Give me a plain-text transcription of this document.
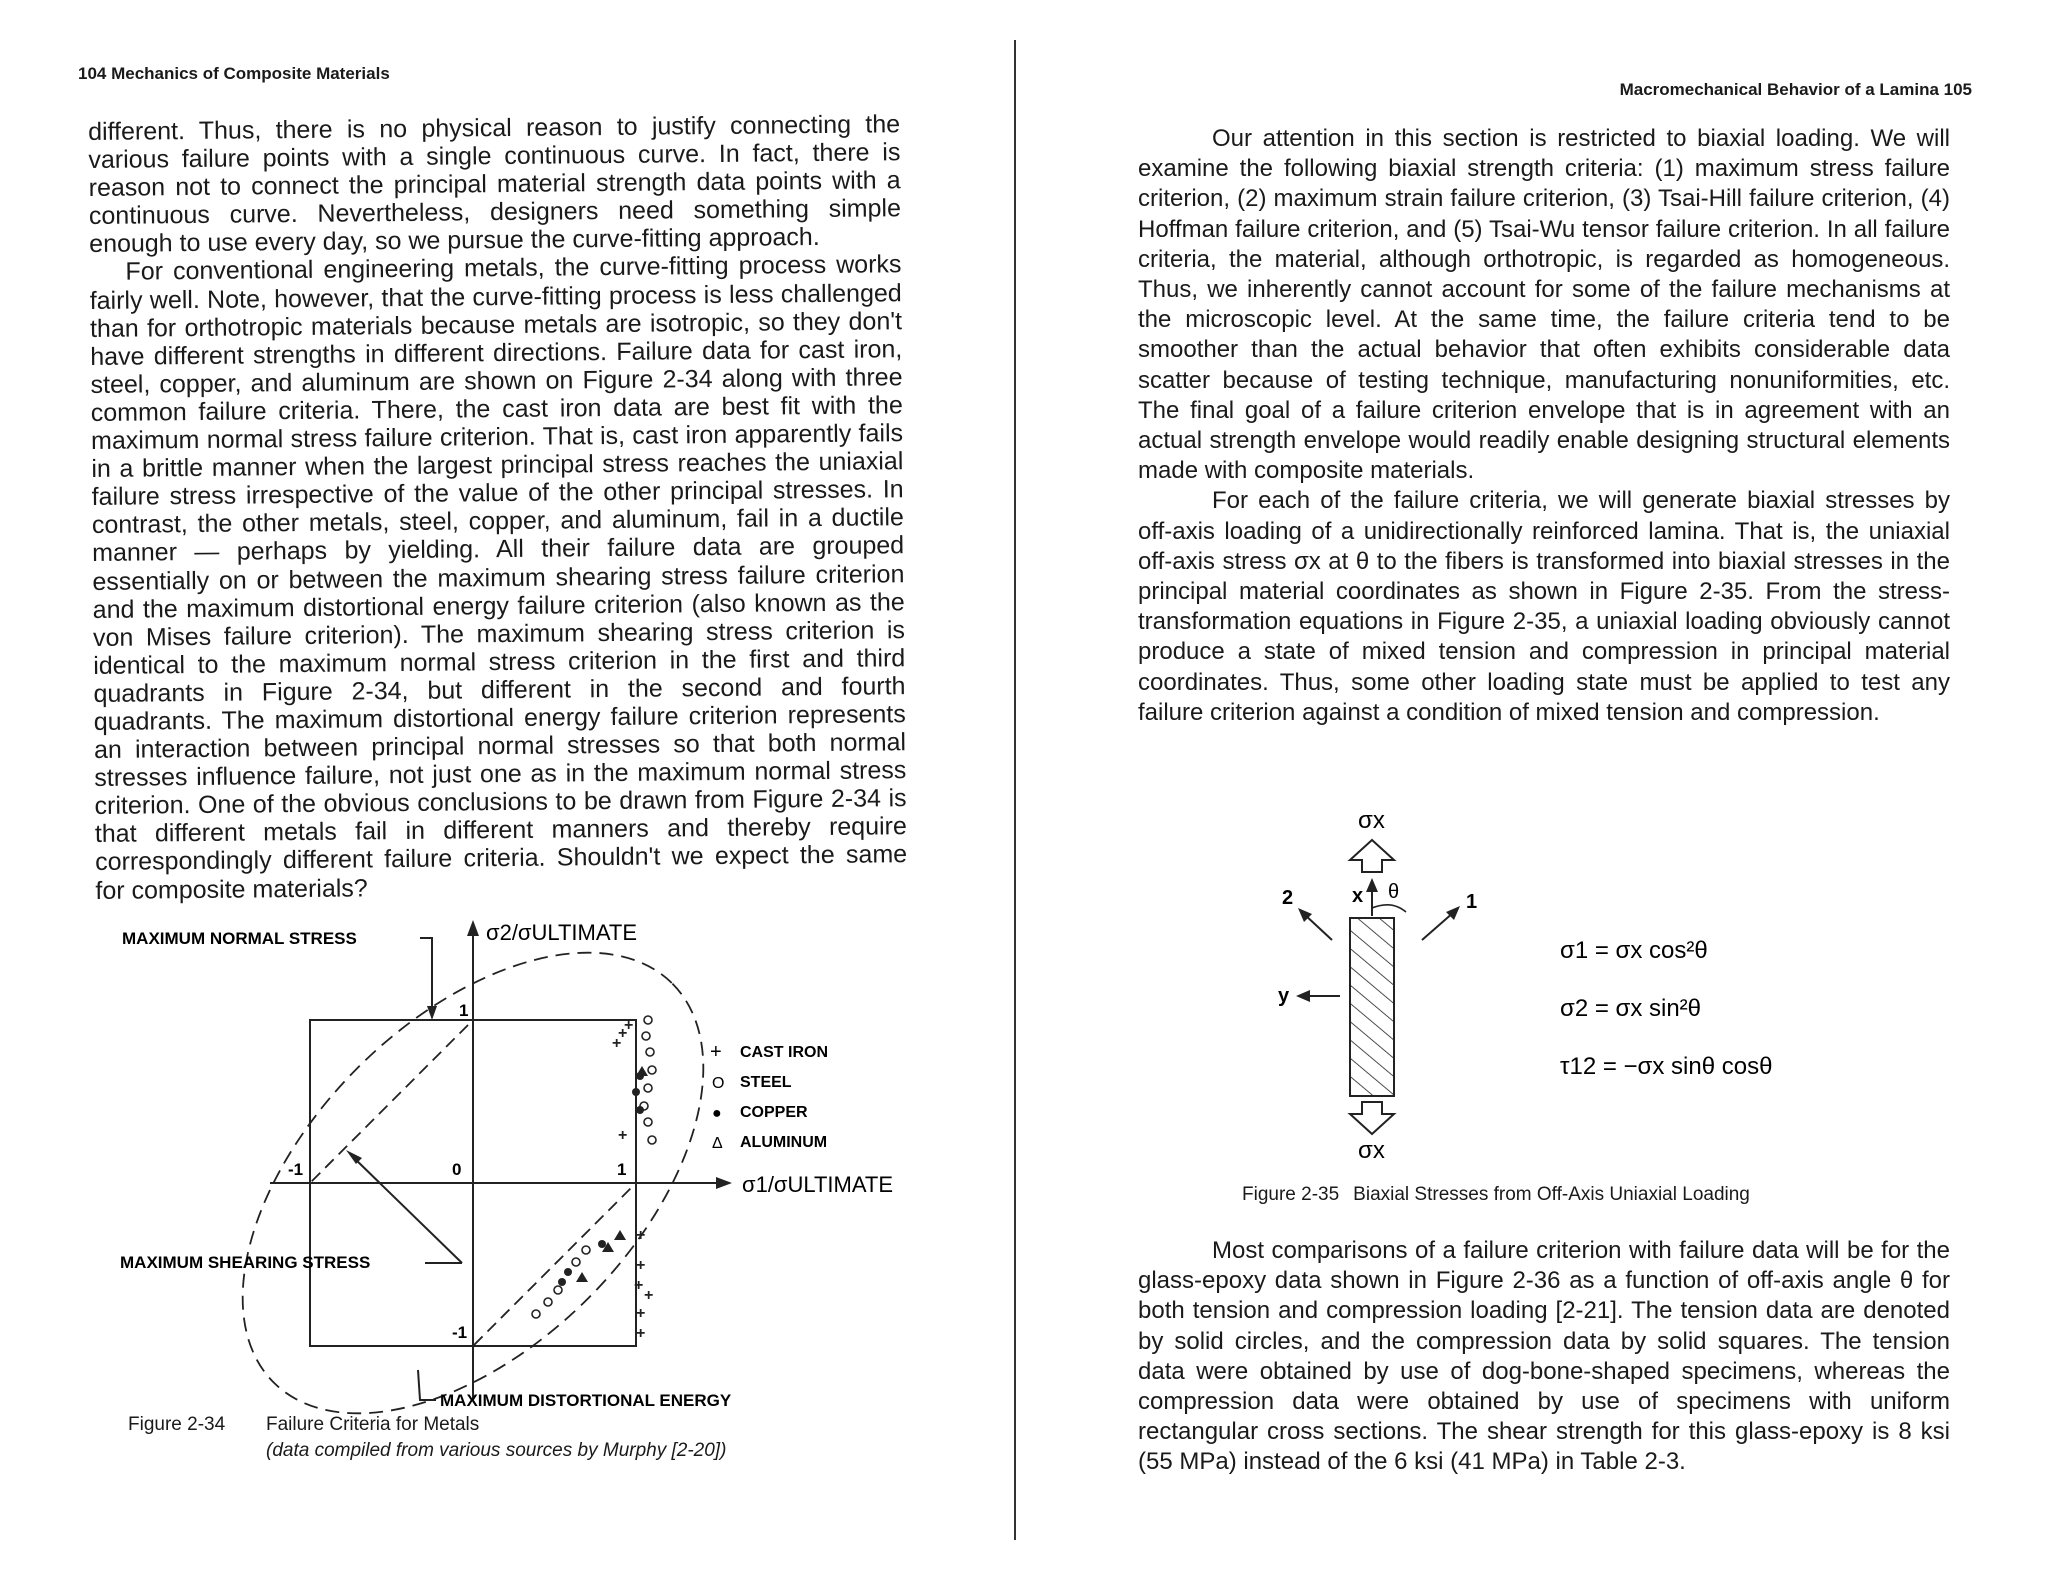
104 Mechanics of Composite Materials

different. Thus, there is no physical reason to justify connecting the various failure points with a single continuous curve. In fact, there is reason not to connect the principal material strength data points with a continuous curve. Nevertheless, designers need something simple enough to use every day, so we pursue the curve-fitting approach.

For conventional engineering metals, the curve-fitting process works fairly well. Note, however, that the curve-fitting process is less challenged than for orthotropic materials because metals are isotropic, so they don't have different strengths in different directions. Failure data for cast iron, steel, copper, and aluminum are shown on Figure 2-34 along with three common failure criteria. There, the cast iron data are best fit with the maximum normal stress failure criterion. That is, cast iron apparently fails in a brittle manner when the largest principal stress reaches the uniaxial failure stress irrespective of the value of the other principal stresses. In contrast, the other metals, steel, copper, and aluminum, fail in a ductile manner — perhaps by yielding. All their failure data are grouped essentially on or between the maximum shearing stress failure criterion and the maximum distortional energy failure criterion (also known as the von Mises failure criterion). The maximum shearing stress criterion is identical to the maximum normal stress criterion in the first and third quadrants in Figure 2-34, but different in the second and fourth quadrants. The maximum distortional energy failure criterion represents an interaction between principal normal stresses so that both normal stresses influence failure, not just one as in the maximum normal stress criterion. One of the obvious conclusions to be drawn from Figure 2-34 is that different metals fail in different manners and thereby require correspondingly different failure criteria. Shouldn't we expect the same for composite materials?

+
+
+
+
+
+
+
+
+
+
1
-1	0	1
-1
σ2/σULTIMATE
σ1/σULTIMATE
MAXIMUM NORMAL STRESS
MAXIMUM SHEARING STRESS
MAXIMUM DISTORTIONAL ENERGY
+ CAST IRON
O STEEL
● COPPER
Δ ALUMINUM
Figure 2-34 Failure Criteria for Metals
(data compiled from various sources by Murphy [2-20])
Macromechanical Behavior of a Lamina 105

Our attention in this section is restricted to biaxial loading. We will examine the following biaxial strength criteria: (1) maximum stress failure criterion, (2) maximum strain failure criterion, (3) Tsai-Hill failure criterion, (4) Hoffman failure criterion, and (5) Tsai-Wu tensor failure criterion. In all failure criteria, the material, although orthotropic, is regarded as homogeneous. Thus, we inherently cannot account for some of the failure mechanisms at the microscopic level. At the same time, the failure criteria tend to be smoother than the actual behavior that often exhibits considerable data scatter because of testing technique, manufacturing nonuniformities, etc. The final goal of a failure criterion envelope that is in agreement with an actual strength envelope would readily enable designing structural elements made with composite materials.

For each of the failure criteria, we will generate biaxial stresses by off-axis loading of a unidirectionally reinforced lamina. That is, the uniaxial off-axis stress σx at θ to the fibers is transformed into biaxial stresses in the principal material coordinates as shown in Figure 2-35. From the stress-transformation equations in Figure 2-35, a uniaxial loading obviously cannot produce a state of mixed tension and compression in principal material coordinates. Thus, some other loading state must be applied to test any failure criterion against a condition of mixed tension and compression.

σx
x θ	1
2
y
σx
σ1 = σx cos²θ
σ2 = σx sin²θ
τ12 = −σx sinθ cosθ
Figure 2-35 Biaxial Stresses from Off-Axis Uniaxial Loading

Most comparisons of a failure criterion with failure data will be for the glass-epoxy data shown in Figure 2-36 as a function of off-axis angle θ for both tension and compression loading [2-21]. The tension data are denoted by solid circles, and the compression data by solid squares. The tension data were obtained by use of dog-bone-shaped specimens, whereas the compression data were obtained by use of specimens with uniform rectangular cross sections. The shear strength for this glass-epoxy is 8 ksi (55 MPa) instead of the 6 ksi (41 MPa) in Table 2-3.
